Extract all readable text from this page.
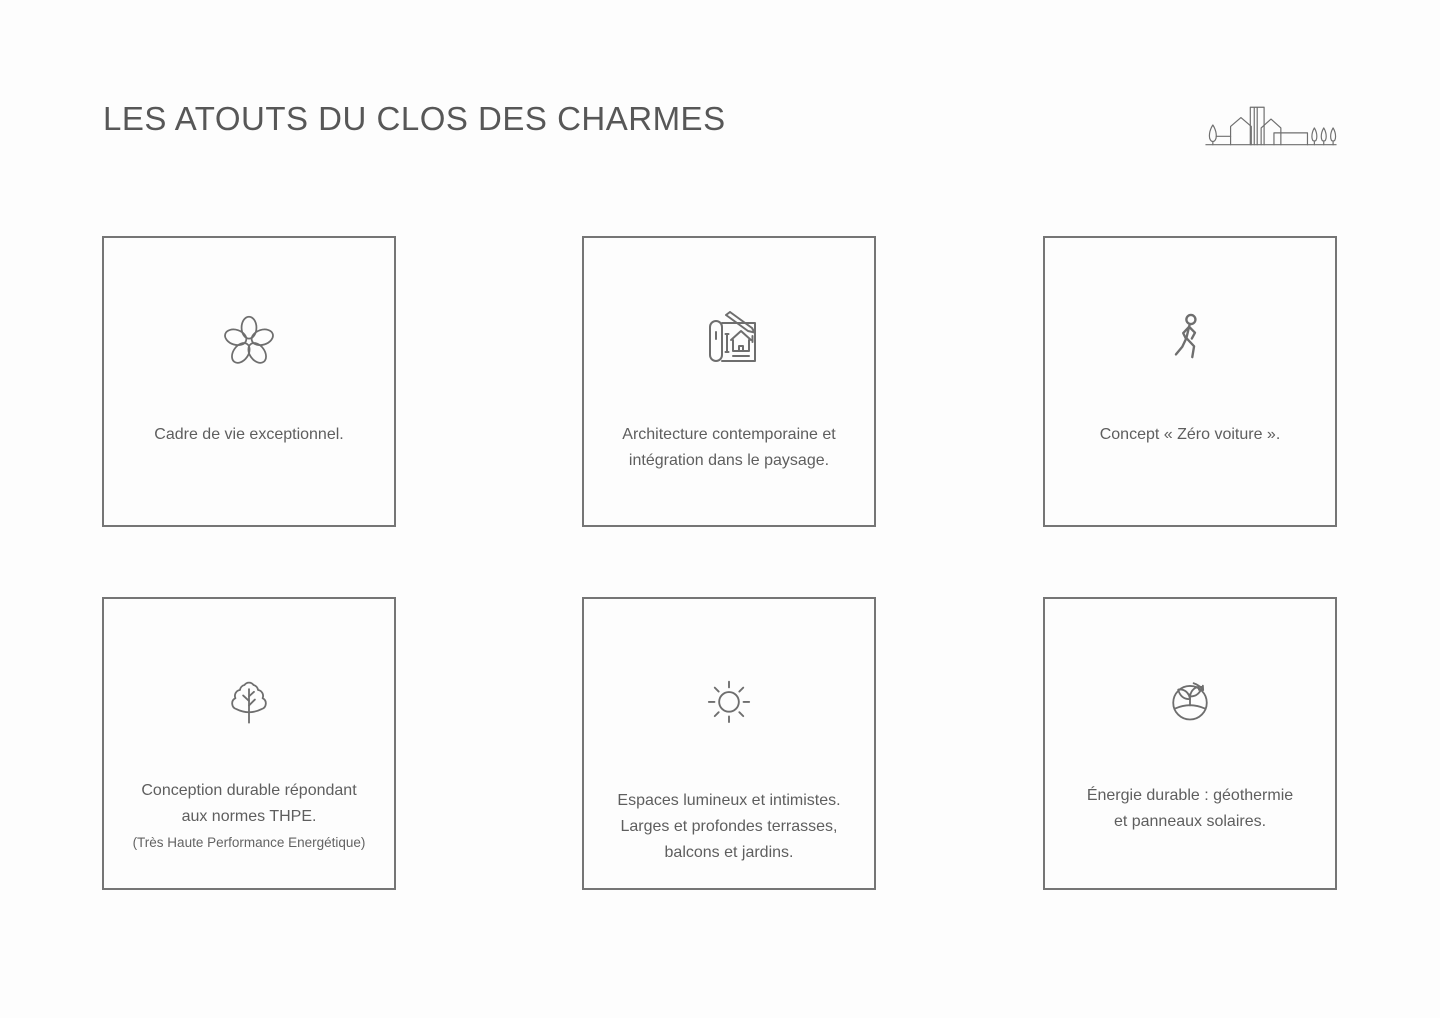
LES ATOUTS DU CLOS DES CHARMES
Cadre de vie exceptionnel.	Architecture contemporaine et
intégration dans le paysage.
Concept « Zéro voiture ».
Conception durable répondant
aux normes THPE.
(Très Haute Performance Energétique)
Espaces lumineux et intimistes.
Larges et profondes terrasses,
balcons et jardins.
Énergie durable : géothermie
et panneaux solaires.
